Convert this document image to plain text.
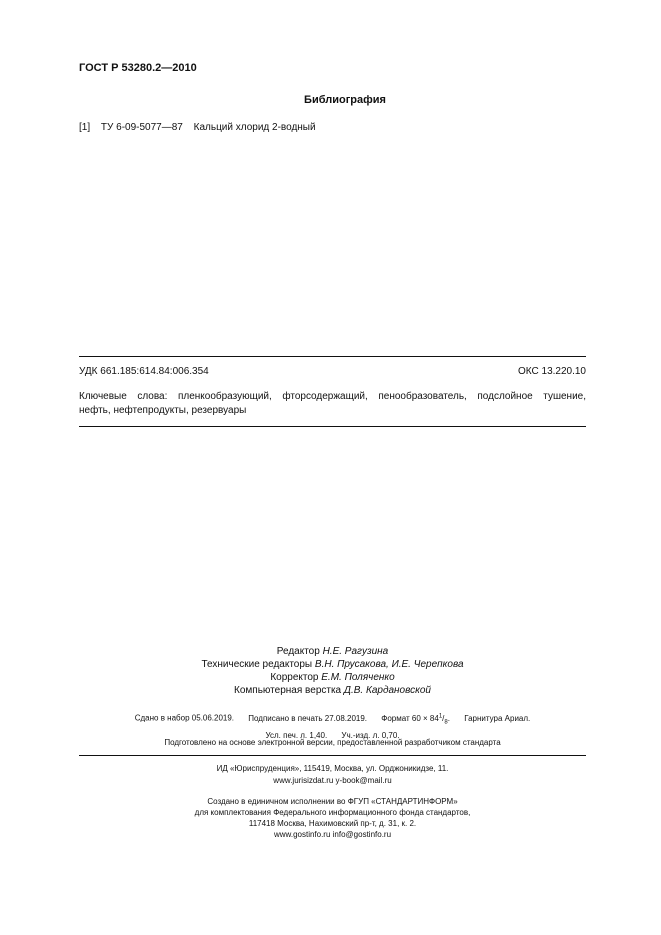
ГОСТ Р 53280.2—2010
Библиография
[1] ТУ 6-09-5077—87 Кальций хлорид 2-водный
УДК 661.185:614.84:006.354	ОКС 13.220.10
Ключевые слова: пленкообразующий, фторсодержащий, пенообразователь, подслойное тушение,
нефть, нефтепродукты, резервуары
Редактор Н.Е. Рагузина
Технические редакторы В.Н. Прусакова, И.Е. Черепкова
Корректор Е.М. Поляченко
Компьютерная верстка Д.В. Кардановской
Сдано в набор 05.06.2019. Подписано в печать 27.08.2019. Формат $60 \times 84^1/_8$. Гарнитура Ариал.
Усл. печ. л. 1,40. Уч.-изд. л. 0,70.
Подготовлено на основе электронной версии, предоставленной разработчиком стандарта
ИД «Юриспруденция», 115419, Москва, ул. Орджоникидзе, 11.
www.jurisizdat.ru y-book@mail.ru
Создано в единичном исполнении во ФГУП «СТАНДАРТИНФОРМ»
для комплектования Федерального информационного фонда стандартов,
117418 Москва, Нахимовский пр-т, д. 31, к. 2.
www.gostinfo.ru info@gostinfo.ru
